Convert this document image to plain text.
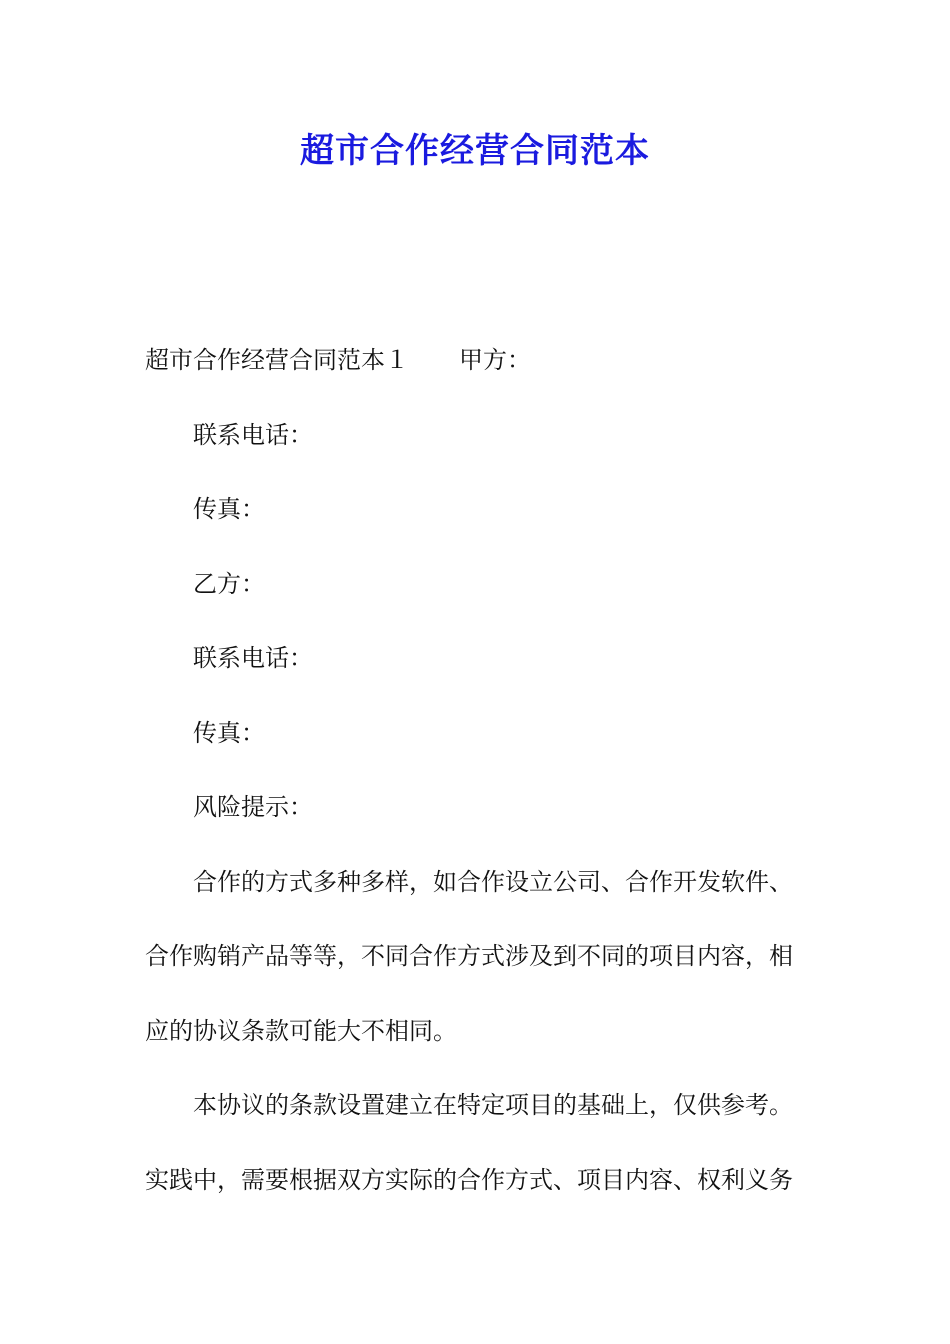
超市合作经营合同范本
超市合作经营合同范本１ 甲方：
联系电话：
传真：
乙方：
联系电话：
传真：
风险提示：
合作的方式多种多样，如合作设立公司、合作开发软件、
合作购销产品等等，不同合作方式涉及到不同的项目内容，相
应的协议条款可能大不相同。
本协议的条款设置建立在特定项目的基础上，仅供参考。
实践中，需要根据双方实际的合作方式、项目内容、权利义务
